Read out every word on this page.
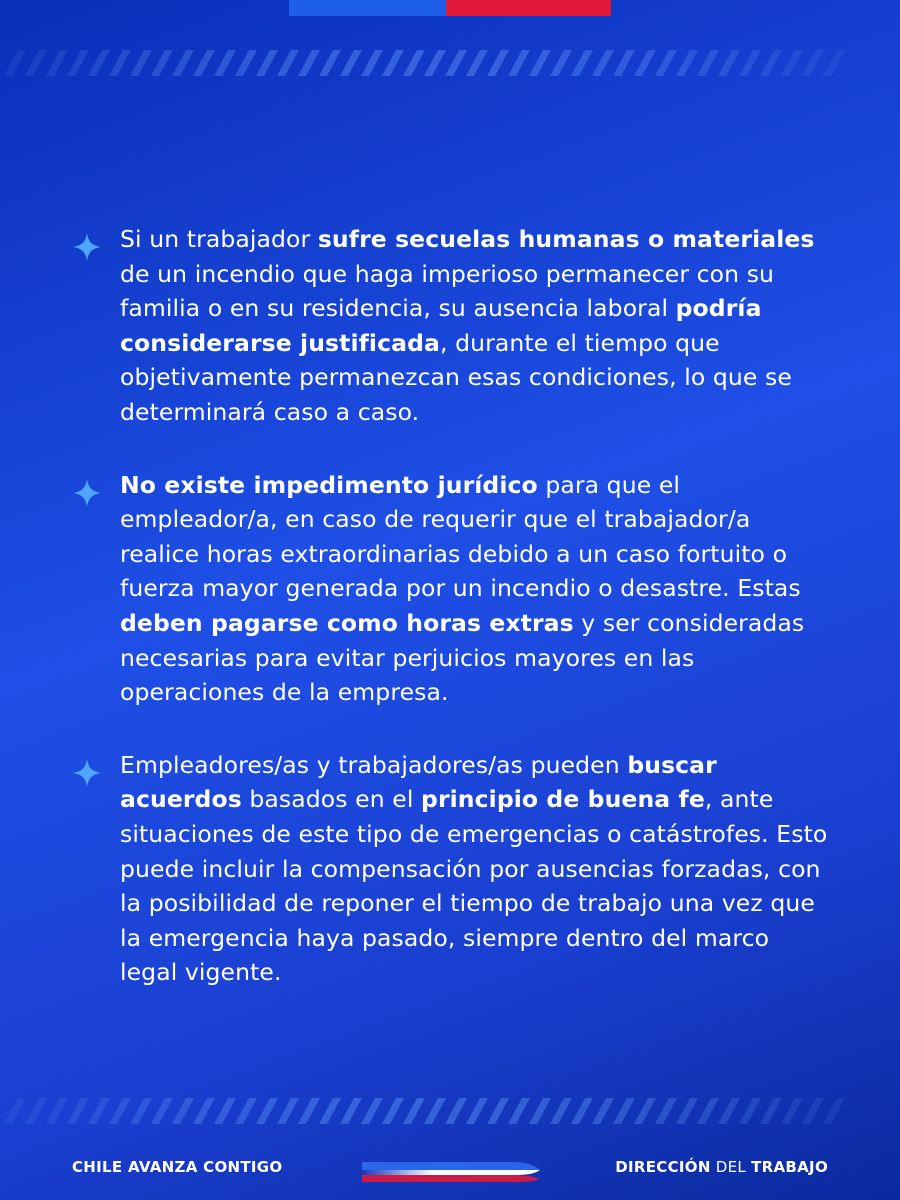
Si un trabajador sufre secuelas humanas o materiales de un incendio que haga imperioso permanecer con su familia o en su residencia, su ausencia laboral podría considerarse justificada, durante el tiempo que objetivamente permanezcan esas condiciones, lo que se determinará caso a caso.

No existe impedimento jurídico para que el empleador/a, en caso de requerir que el trabajador/a realice horas extraordinarias debido a un caso fortuito o fuerza mayor generada por un incendio o desastre. Estas deben pagarse como horas extras y ser consideradas necesarias para evitar perjuicios mayores en las operaciones de la empresa.

Empleadores/as y trabajadores/as pueden buscar acuerdos basados en el principio de buena fe, ante situaciones de este tipo de emergencias o catástrofes. Esto puede incluir la compensación por ausencias forzadas, con la posibilidad de reponer el tiempo de trabajo una vez que la emergencia haya pasado, siempre dentro del marco legal vigente.

CHILE AVANZA CONTIGO	DIRECCIÓN DEL TRABAJO
